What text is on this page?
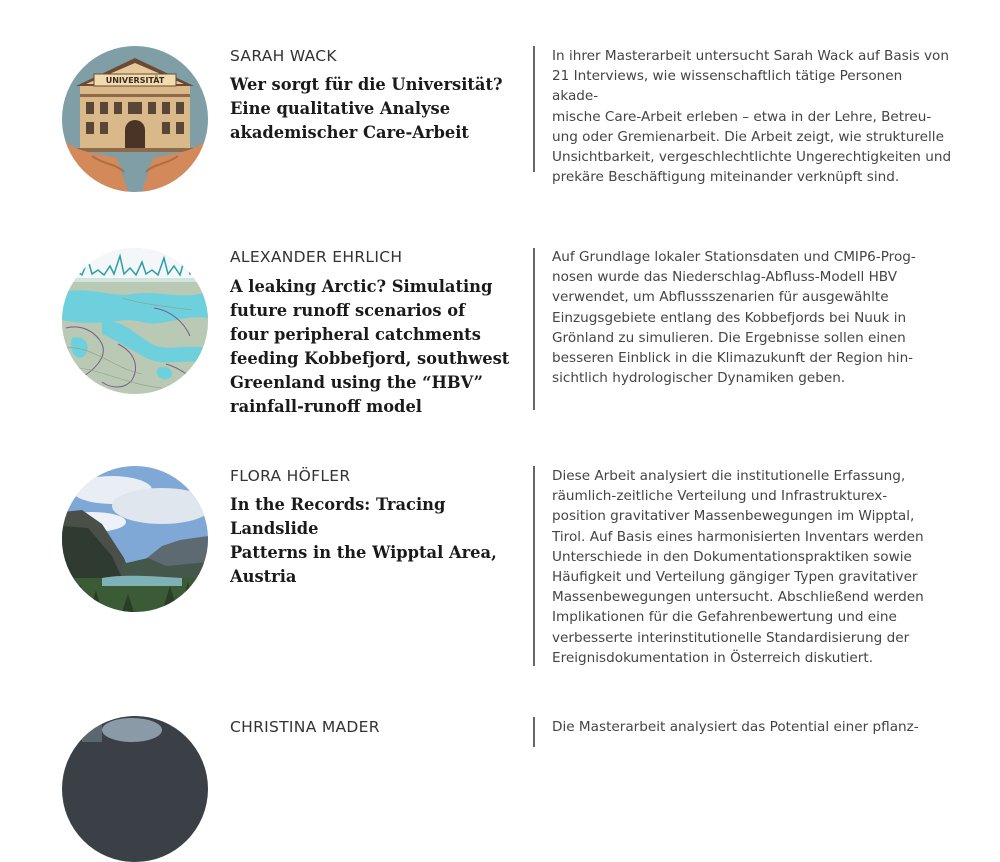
UNIVERSITÄT
SARAH WACK
Wer sorgt für die Universität?
Eine qualitative Analyse
akademischer Care-Arbeit
In ihrer Masterarbeit untersucht Sarah Wack auf Basis von
21 Interviews, wie wissenschaftlich tätige Personen akade-
mische Care-Arbeit erleben – etwa in der Lehre, Betreu-
ung oder Gremienarbeit. Die Arbeit zeigt, wie strukturelle
Unsichtbarkeit, vergeschlechtlichte Ungerechtigkeiten und
prekäre Beschäftigung miteinander verknüpft sind.
ALEXANDER EHRLICH
A leaking Arctic? Simulating
future runoff scenarios of
four peripheral catchments
feeding Kobbefjord, southwest
Greenland using the “HBV”
rainfall-runoff model
Auf Grundlage lokaler Stationsdaten und CMIP6-Prog-
nosen wurde das Niederschlag-Abfluss-Modell HBV
verwendet, um Abflussszenarien für ausgewählte
Einzugsgebiete entlang des Kobbefjords bei Nuuk in
Grönland zu simulieren. Die Ergebnisse sollen einen
besseren Einblick in die Klimazukunft der Region hin-
sichtlich hydrologischer Dynamiken geben.
FLORA HÖFLER
In the Records: Tracing Landslide
Patterns in the Wipptal Area,
Austria
Diese Arbeit analysiert die institutionelle Erfassung,
räumlich-zeitliche Verteilung und Infrastrukturex-
position gravitativer Massenbewegungen im Wipptal,
Tirol. Auf Basis eines harmonisierten Inventars werden
Unterschiede in den Dokumentationspraktiken sowie
Häufigkeit und Verteilung gängiger Typen gravitativer
Massenbewegungen untersucht. Abschließend werden
Implikationen für die Gefahrenbewertung und eine
verbesserte interinstitutionelle Standardisierung der
Ereignisdokumentation in Österreich diskutiert.
CHRISTINA MADER	Die Masterarbeit analysiert das Potential einer pflanz-
